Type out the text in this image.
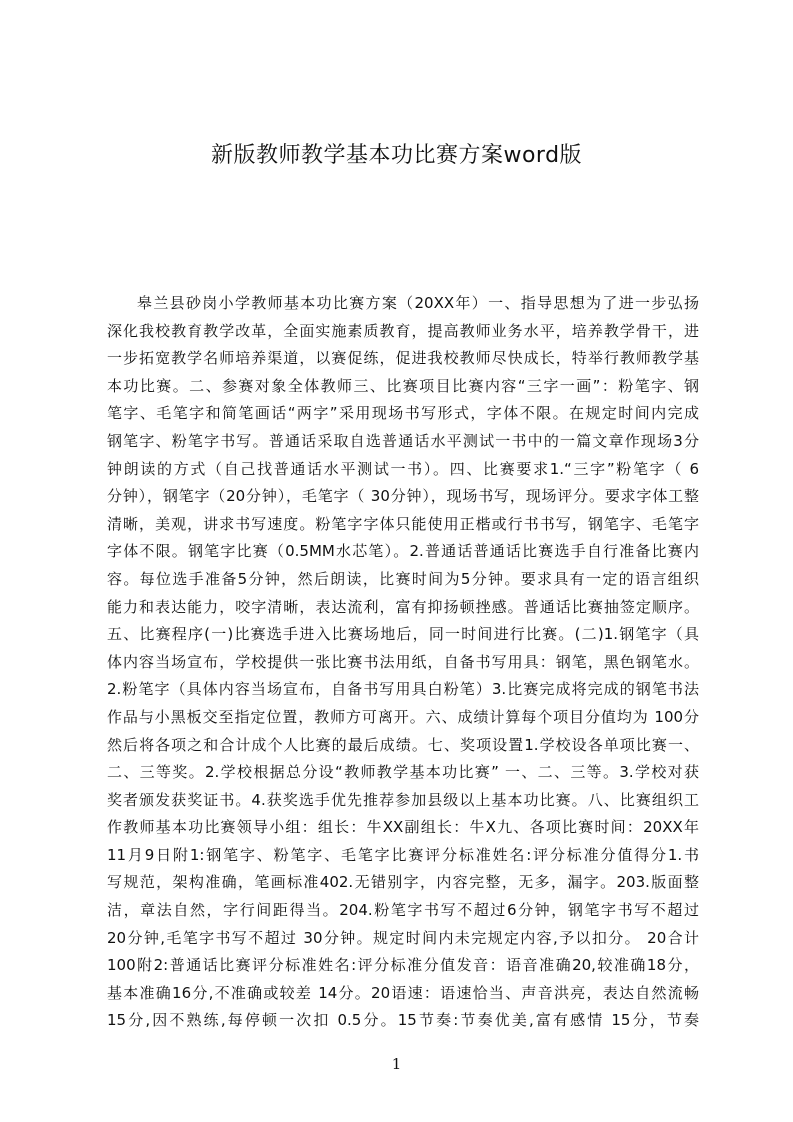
新版教师教学基本功比赛方案word版
皋兰县砂岗小学教师基本功比赛方案（20XX年）一、指导思想为了进一步弘扬
深化我校教育教学改革，全面实施素质教育，提高教师业务水平，培养教学骨干，进
一步拓宽教学名师培养渠道，以赛促练，促进我校教师尽快成长，特举行教师教学基
本功比赛。二、参赛对象全体教师三、比赛项目比赛内容“三字一画”：粉笔字、钢
笔字、毛笔字和简笔画话“两字”采用现场书写形式，字体不限。在规定时间内完成
钢笔字、粉笔字书写。普通话采取自选普通话水平测试一书中的一篇文章作现场3分
钟朗读的方式（自己找普通话水平测试一书）。四、比赛要求1.“三字”粉笔字（ 6
分钟），钢笔字（20分钟），毛笔字（ 30分钟），现场书写，现场评分。要求字体工整
清晰，美观，讲求书写速度。粉笔字字体只能使用正楷或行书书写，钢笔字、毛笔字
字体不限。钢笔字比赛（0.5MM水芯笔）。2.普通话普通话比赛选手自行准备比赛内
容。每位选手准备5分钟，然后朗读，比赛时间为5分钟。要求具有一定的语言组织
能力和表达能力，咬字清晰，表达流利，富有抑扬顿挫感。普通话比赛抽签定顺序。
五、比赛程序(一)比赛选手进入比赛场地后，同一时间进行比赛。(二)1.钢笔字（具
体内容当场宣布，学校提供一张比赛书法用纸，自备书写用具：钢笔，黑色钢笔水。
2.粉笔字（具体内容当场宣布，自备书写用具白粉笔）3.比赛完成将完成的钢笔书法
作品与小黑板交至指定位置，教师方可离开。六、成绩计算每个项目分值均为 100分
然后将各项之和合计成个人比赛的最后成绩。七、奖项设置1.学校设各单项比赛一、
二、三等奖。2.学校根据总分设“教师教学基本功比赛” 一、二、三等。3.学校对获
奖者颁发获奖证书。4.获奖选手优先推荐参加县级以上基本功比赛。八、比赛组织工
作教师基本功比赛领导小组：组长：牛XX副组长：牛X九、各项比赛时间：20XX年
11月9日附1:钢笔字、粉笔字、毛笔字比赛评分标准姓名:评分标准分值得分1.书
写规范，架构准确，笔画标准402.无错别字，内容完整，无多，漏字。203.版面整
洁，章法自然，字行间距得当。204.粉笔字书写不超过6分钟，钢笔字书写不超过
20分钟,毛笔字书写不超过 30分钟。规定时间内未完规定内容,予以扣分。 20合计
100附2:普通话比赛评分标准姓名:评分标准分值发音：语音准确20,较准确18分，
基本准确16分,不准确或较差 14分。20语速：语速恰当、声音洪亮，表达自然流畅
15分,因不熟练,每停顿一次扣 0.5分。15节奏:节奏优美,富有感情 15分，节奏
1
